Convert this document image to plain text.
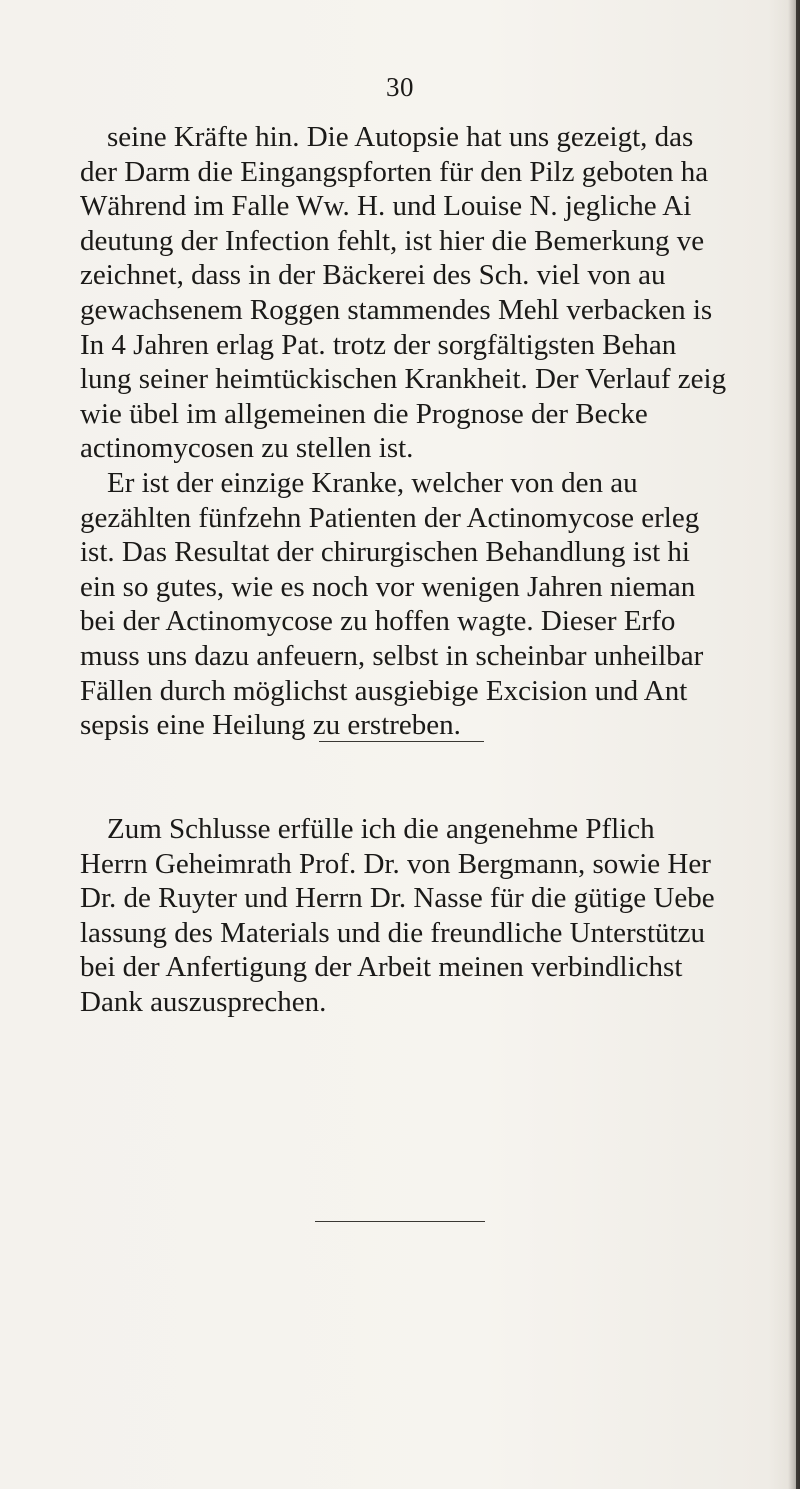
30
seine Kräfte hin. Die Autopsie hat uns gezeigt, das
der Darm die Eingangspforten für den Pilz geboten ha
Während im Falle Ww. H. und Louise N. jegliche Ai
deutung der Infection fehlt, ist hier die Bemerkung ve
zeichnet, dass in der Bäckerei des Sch. viel von au
gewachsenem Roggen stammendes Mehl verbacken is
In 4 Jahren erlag Pat. trotz der sorgfältigsten Behan
lung seiner heimtückischen Krankheit. Der Verlauf zeig
wie übel im allgemeinen die Prognose der Becke
actinomycosen zu stellen ist.
Er ist der einzige Kranke, welcher von den au
gezählten fünfzehn Patienten der Actinomycose erleg
ist. Das Resultat der chirurgischen Behandlung ist hi
ein so gutes, wie es noch vor wenigen Jahren nieman
bei der Actinomycose zu hoffen wagte. Dieser Erfo
muss uns dazu anfeuern, selbst in scheinbar unheilbar
Fällen durch möglichst ausgiebige Excision und Ant
sepsis eine Heilung zu erstreben.
Zum Schlusse erfülle ich die angenehme Pflich
Herrn Geheimrath Prof. Dr. von Bergmann, sowie Her
Dr. de Ruyter und Herrn Dr. Nasse für die gütige Uebe
lassung des Materials und die freundliche Unterstützu
bei der Anfertigung der Arbeit meinen verbindlichst
Dank auszusprechen.
